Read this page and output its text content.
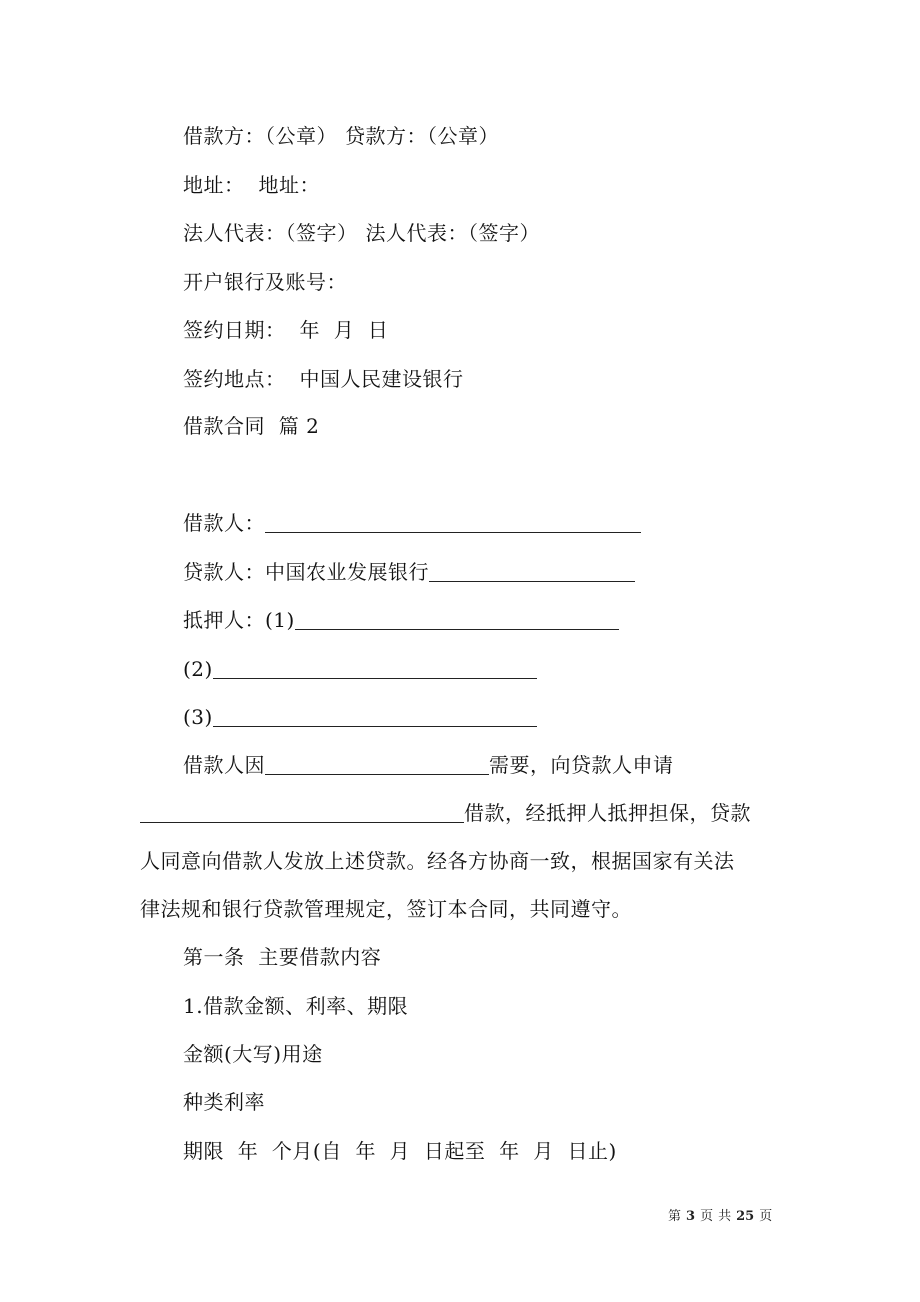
借款方：（公章） 贷款方：（公章）
地址： 地址：
法人代表：（签字） 法人代表：（签字）
开户银行及账号：
签约日期： 年  月  日
签约地点： 中国人民建设银行
借款合同  篇 2
借款人：
贷款人：中国农业发展银行
抵押人：(1)
(2)
(3)
借款人因	需要，向贷款人申请
借款，经抵押人抵押担保，贷款
人同意向借款人发放上述贷款。经各方协商一致，根据国家有关法
律法规和银行贷款管理规定，签订本合同，共同遵守。
第一条  主要借款内容
1.借款金额、利率、期限
金额(大写)用途
种类利率
期限  年  个月(自  年  月  日起至  年  月  日止)
第 3 页 共 25 页
